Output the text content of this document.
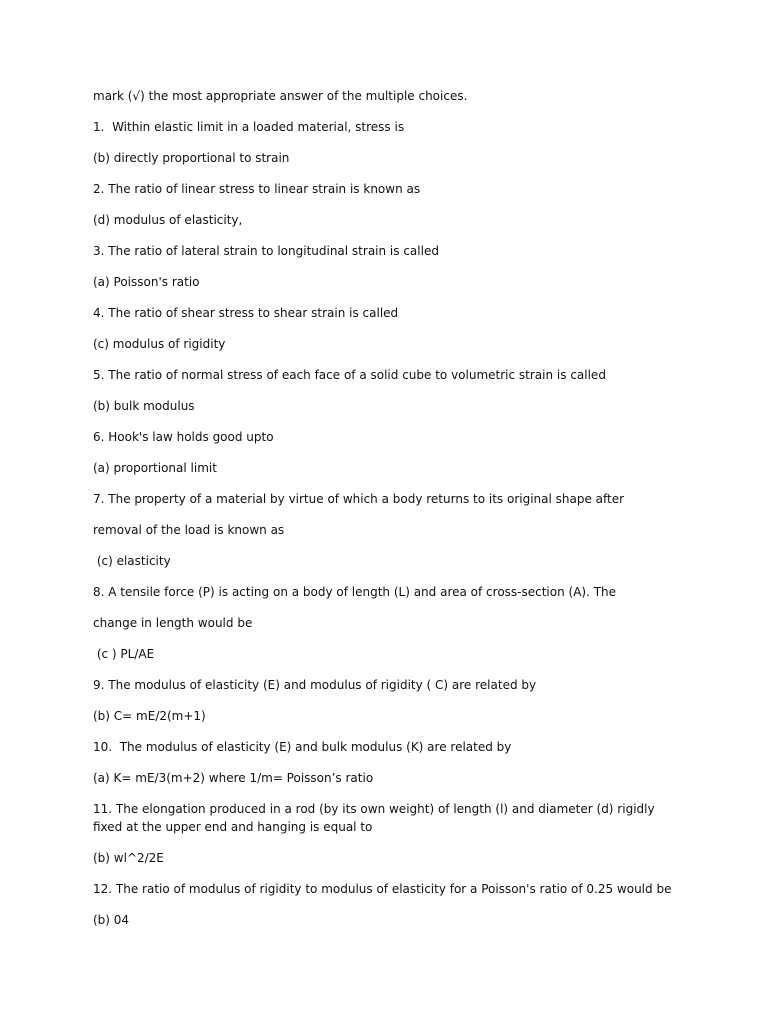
mark (√) the most appropriate answer of the multiple choices.

1.  Within elastic limit in a loaded material, stress is

(b) directly proportional to strain

2. The ratio of linear stress to linear strain is known as

(d) modulus of elasticity,

3. The ratio of lateral strain to longitudinal strain is called

(a) Poisson's ratio

4. The ratio of shear stress to shear strain is called

(c) modulus of rigidity

5. The ratio of normal stress of each face of a solid cube to volumetric strain is called

(b) bulk modulus

6. Hook's law holds good upto

(a) proportional limit

7. The property of a material by virtue of which a body returns to its original shape after

removal of the load is known as

(c) elasticity

8. A tensile force (P) is acting on a body of length (L) and area of cross-section (A). The

change in length would be

(c ) PL/AE

9. The modulus of elasticity (E) and modulus of rigidity ( C) are related by

(b) C= mE/2(m+1)

10.  The modulus of elasticity (E) and bulk modulus (K) are related by

(a) K= mE/3(m+2) where 1/m= Poisson’s ratio

11. The elongation produced in a rod (by its own weight) of length (l) and diameter (d) rigidly fixed at the upper end and hanging is equal to

(b) wl^2/2E

12. The ratio of modulus of rigidity to modulus of elasticity for a Poisson's ratio of 0.25 would be

(b) 04
